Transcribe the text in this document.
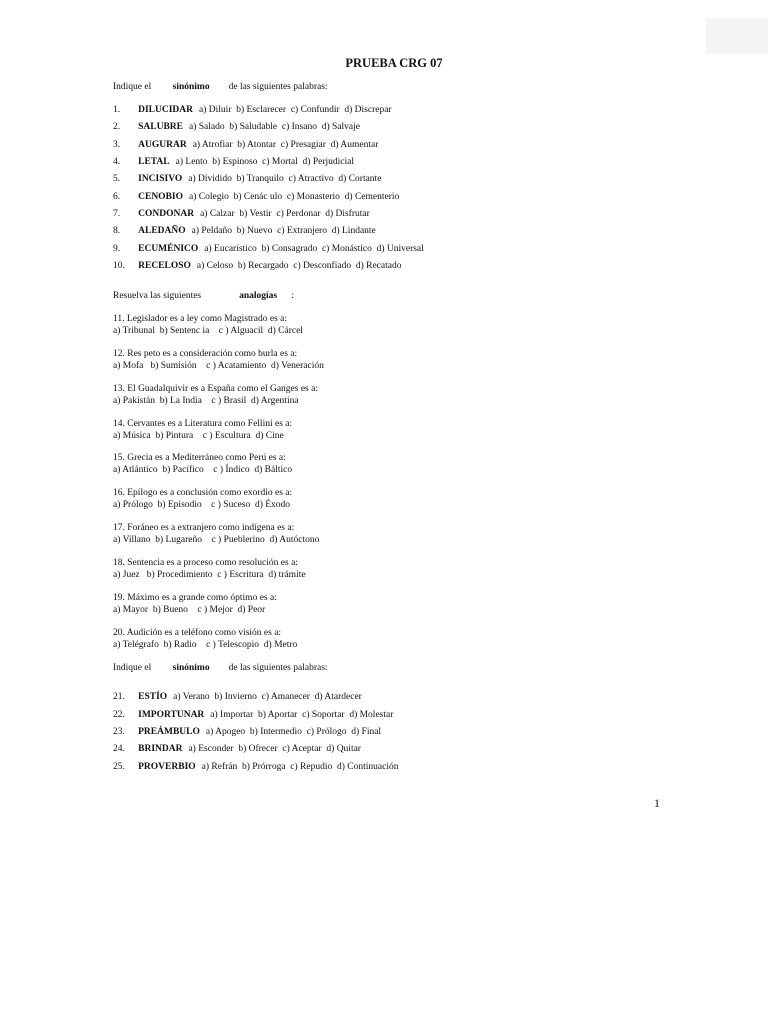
PRUEBA CRG 07
Indique el sinónimo de las siguientes palabras:
1. DILUCIDAR a) Diluir  b) Esclarecer  c) Confundir  d) Discrepar
2. SALUBRE a) Salado  b) Saludable  c) Insano  d) Salvaje
3. AUGURAR a) Atrofiar  b) Atontar  c) Presagiar  d) Aumentar
4. LETAL a) Lento  b) Espinoso  c) Mortal  d) Perjudicial
5. INCISIVO a) Dividido  b) Tranquilo  c) Atractivo  d) Cortante
6. CENOBIO a) Colegio  b) Cenác ulo  c) Monasterio  d) Cementerio
7. CONDONAR a) Calzar  b) Vestir  c) Perdonar  d) Disfrutar
8. ALEDAÑO a) Peldaño  b) Nuevo  c) Extranjero  d) Lindante
9. ECUMÉNICO a) Eucarístico  b) Consagrado  c) Monástico  d) Universal
10. RECELOSO a) Celoso  b) Recargado  c) Desconfiado  d) Recatado
Resuelva las siguientes	analogías :
11. Legislador es a ley como Magistrado es a:
a) Tribunal  b) Sentenc ia    c ) Alguacil  d) Cárcel
12. Res peto es a consideración como burla es a:
a) Mofa   b) Sumisión    c ) Acatamiento  d) Veneración
13. El Guadalquivir es a España como el Ganges es a:
a) Pakistán  b) La India    c ) Brasil  d) Argentina
14. Cervantes es a Literatura como Fellini es a:
a) Música  b) Pintura    c ) Escultura  d) Cine
15. Grecia es a Mediterráneo como Perú es a:
a) Atlántico  b) Pacífico    c ) Índico  d) Báltico
16. Epílogo es a conclusión como exordio es a:
a) Prólogo  b) Episodio    c ) Suceso  d) Éxodo
17. Foráneo es a extranjero como indígena es a:
a) Villano  b) Lugareño    c ) Pueblerino  d) Autóctono
18. Sentencia es a proceso como resolución es a:
a) Juez   b) Procedimiento  c ) Escritura  d) trámite
19. Máximo es a grande como óptimo es a:
a) Mayor  b) Bueno    c ) Mejor  d) Peor
20. Audición es a teléfono como visión es a:
a) Telégrafo  b) Radio    c ) Telescopio  d) Metro
Indique el sinónimo de las siguientes palabras:
21. ESTÍO a) Verano  b) Invierno  c) Amanecer  d) Atardecer
22. IMPORTUNAR a) Importar  b) Aportar  c) Soportar  d) Molestar
23. PREÁMBULO a) Apogeo  b) Intermedio  c) Prólogo  d) Final
24. BRINDAR a) Esconder  b) Ofrecer  c) Aceptar  d) Quitar
25. PROVERBIO a) Refrán  b) Prórroga  c) Repudio  d) Continuación
1
